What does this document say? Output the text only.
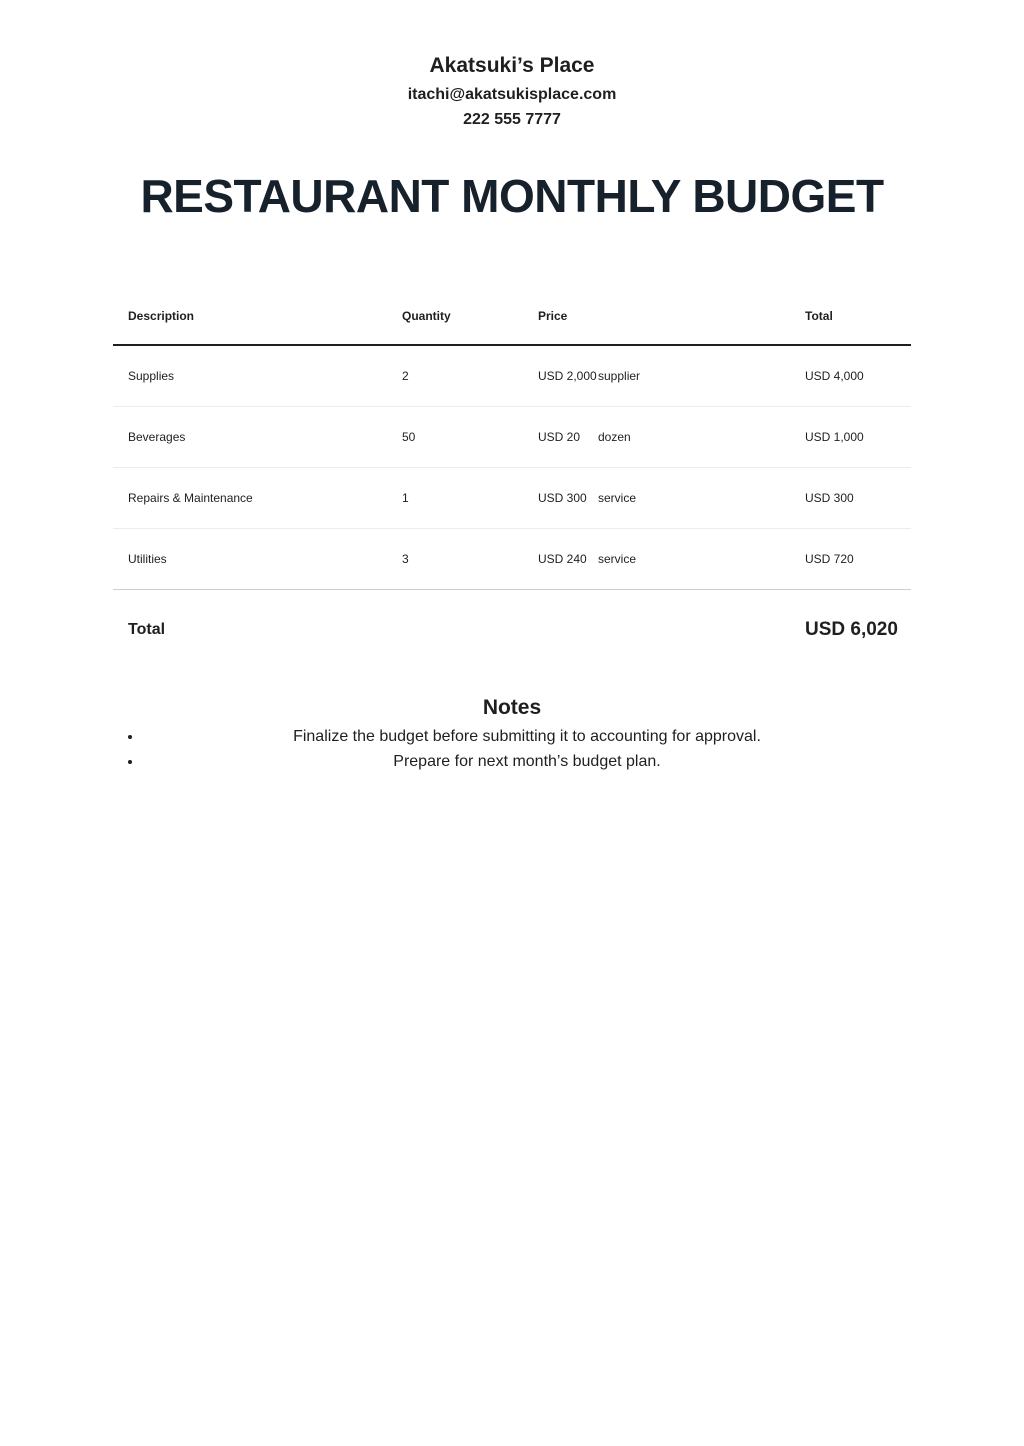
Akatsuki’s Place
itachi@akatsukisplace.com
222 555 7777
RESTAURANT MONTHLY BUDGET
Description	Quantity	Price		Total
Supplies	2	USD 2,000	supplier	USD 4,000
Beverages	50	USD 20	dozen	USD 1,000
Repairs & Maintenance	1	USD 300	service	USD 300
Utilities	3	USD 240	service	USD 720
Total				USD 6,020
Notes
• Finalize the budget before submitting it to accounting for approval.
• Prepare for next month’s budget plan.
